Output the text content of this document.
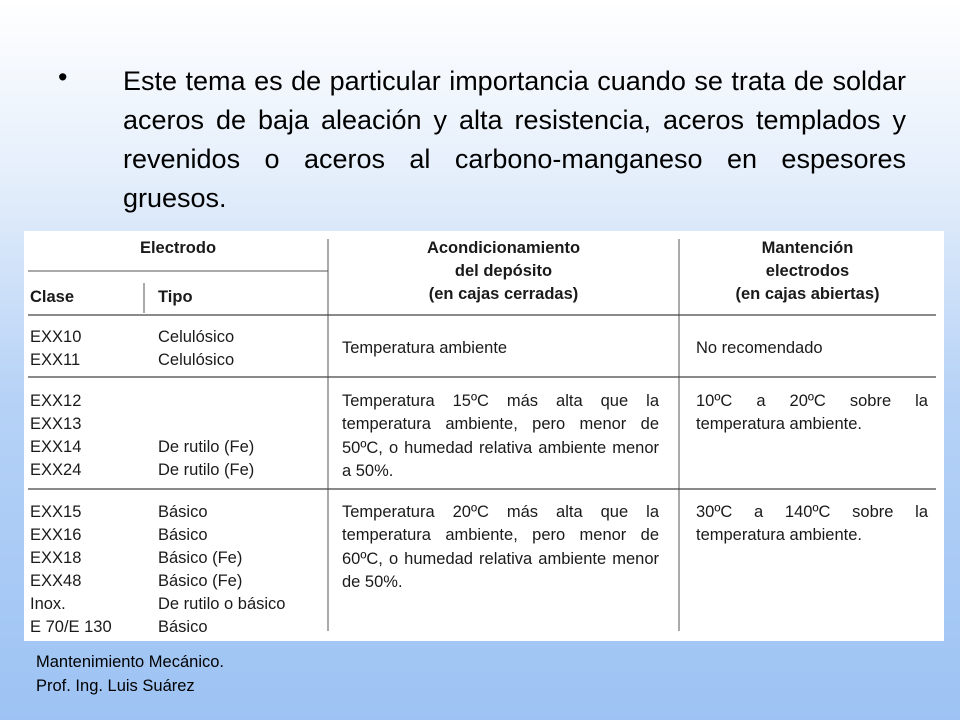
• Este tema es de particular importancia cuando se trata de soldar aceros de baja aleación y alta resistencia, aceros templados y revenidos o aceros al carbono-manganeso en espesores gruesos.
Electrodo
Clase	Tipo
Acondicionamiento
del depósito
(en cajas cerradas)
Mantención
electrodos
(en cajas abiertas)
EXX10
EXX11
Celulósico
Celulósico
Temperatura ambiente	No recomendado
EXX12
EXX13
EXX14
EXX24
De rutilo (Fe)
De rutilo (Fe)
Temperatura 15ºC más alta que la temperatura ambiente, pero menor de 50ºC, o humedad relativa ambiente menor a 50%.
10ºC a 20ºC sobre la temperatura ambiente.
EXX15
EXX16
EXX18
EXX48
Inox.
E 70/E 130
Básico
Básico
Básico (Fe)
Básico (Fe)
De rutilo o básico
Básico
Temperatura 20ºC más alta que la temperatura ambiente, pero menor de 60ºC, o humedad relativa ambiente menor de 50%.
30ºC a 140ºC sobre la temperatura ambiente.
Mantenimiento Mecánico.
Prof. Ing. Luis Suárez
